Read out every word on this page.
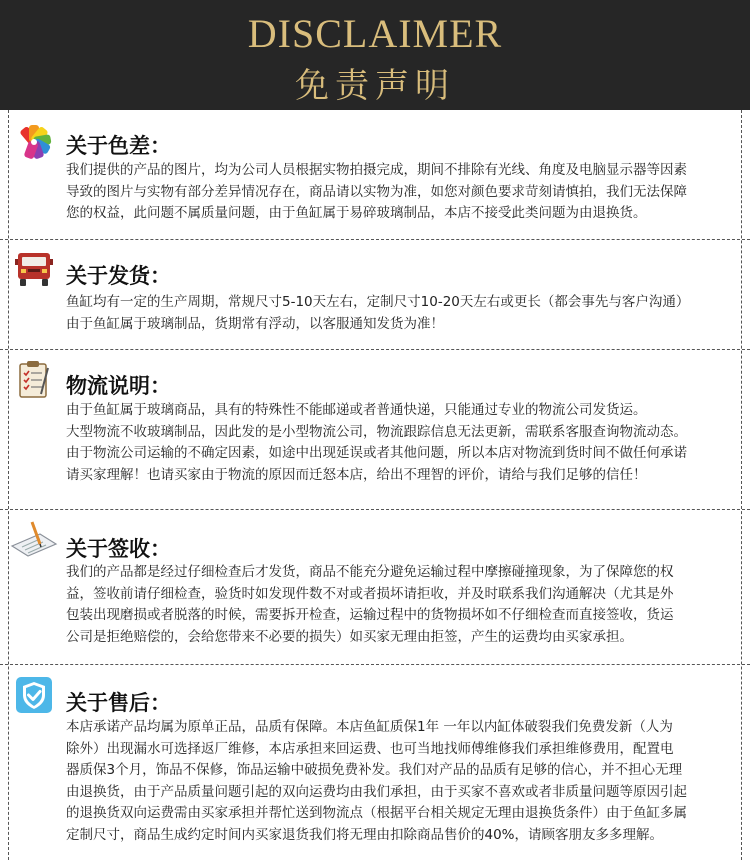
DISCLAIMER
免责声明
关于色差：
我们提供的产品的图片，均为公司人员根据实物拍摄完成，期间不排除有光线、角度及电脑显示器等因素
导致的图片与实物有部分差异情况存在，商品请以实物为准，如您对颜色要求苛刻请慎拍，我们无法保障
您的权益，此问题不属质量问题，由于鱼缸属于易碎玻璃制品，本店不接受此类问题为由退换货。
关于发货：
鱼缸均有一定的生产周期，常规尺寸5-10天左右，定制尺寸10-20天左右或更长（都会事先与客户沟通）
由于鱼缸属于玻璃制品，货期常有浮动，以客服通知发货为准！
物流说明：
由于鱼缸属于玻璃商品，具有的特殊性不能邮递或者普通快递，只能通过专业的物流公司发货运。
大型物流不收玻璃制品，因此发的是小型物流公司，物流跟踪信息无法更新，需联系客服查询物流动态。
由于物流公司运输的不确定因素，如途中出现延误或者其他问题，所以本店对物流到货时间不做任何承诺
请买家理解！也请买家由于物流的原因而迁怒本店，给出不理智的评价，请给与我们足够的信任！
关于签收：
我们的产品都是经过仔细检查后才发货，商品不能充分避免运输过程中摩擦碰撞现象，为了保障您的权
益，签收前请仔细检查，验货时如发现件数不对或者损坏请拒收，并及时联系我们沟通解决（尤其是外
包装出现磨损或者脱落的时候，需要拆开检查，运输过程中的货物损坏如不仔细检查而直接签收，货运
公司是拒绝赔偿的，会给您带来不必要的损失）如买家无理由拒签，产生的运费均由买家承担。
关于售后：
本店承诺产品均属为原单正品，品质有保障。本店鱼缸质保1年 一年以内缸体破裂我们免费发新（人为
除外）出现漏水可选择返厂维修，本店承担来回运费、也可当地找师傅维修我们承担维修费用，配置电
器质保3个月，饰品不保修，饰品运输中破损免费补发。我们对产品的品质有足够的信心，并不担心无理
由退换货，由于产品质量问题引起的双向运费均由我们承担，由于买家不喜欢或者非质量问题等原因引起
的退换货双向运费需由买家承担并帮忙送到物流点（根据平台相关规定无理由退换货条件）由于鱼缸多属
定制尺寸，商品生成约定时间内买家退货我们将无理由扣除商品售价的40%，请顾客朋友多多理解。
